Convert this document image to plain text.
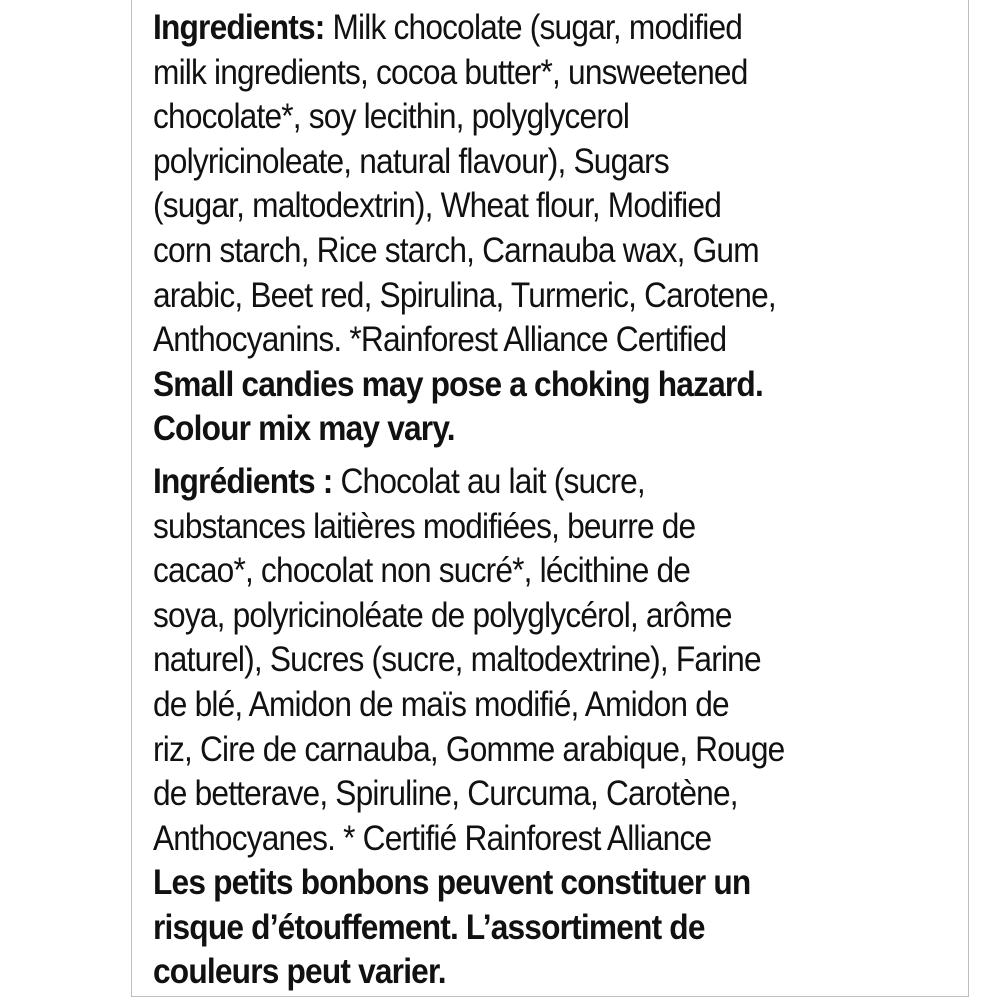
Ingredients: Milk chocolate (sugar, modified
milk ingredients, cocoa butter*, unsweetened
chocolate*, soy lecithin, polyglycerol
polyricinoleate, natural flavour), Sugars
(sugar, maltodextrin), Wheat flour, Modified
corn starch, Rice starch, Carnauba wax, Gum
arabic, Beet red, Spirulina, Turmeric, Carotene,
Anthocyanins. *Rainforest Alliance Certified
Small candies may pose a choking hazard.
Colour mix may vary.
Ingrédients : Chocolat au lait (sucre,
substances laitières modifiées, beurre de
cacao*, chocolat non sucré*, lécithine de
soya, polyricinoléate de polyglycérol, arôme
naturel), Sucres (sucre, maltodextrine), Farine
de blé, Amidon de maïs modifié, Amidon de
riz, Cire de carnauba, Gomme arabique, Rouge
de betterave, Spiruline, Curcuma, Carotène,
Anthocyanes. * Certifié Rainforest Alliance
Les petits bonbons peuvent constituer un
risque d’étouffement. L’assortiment de
couleurs peut varier.
